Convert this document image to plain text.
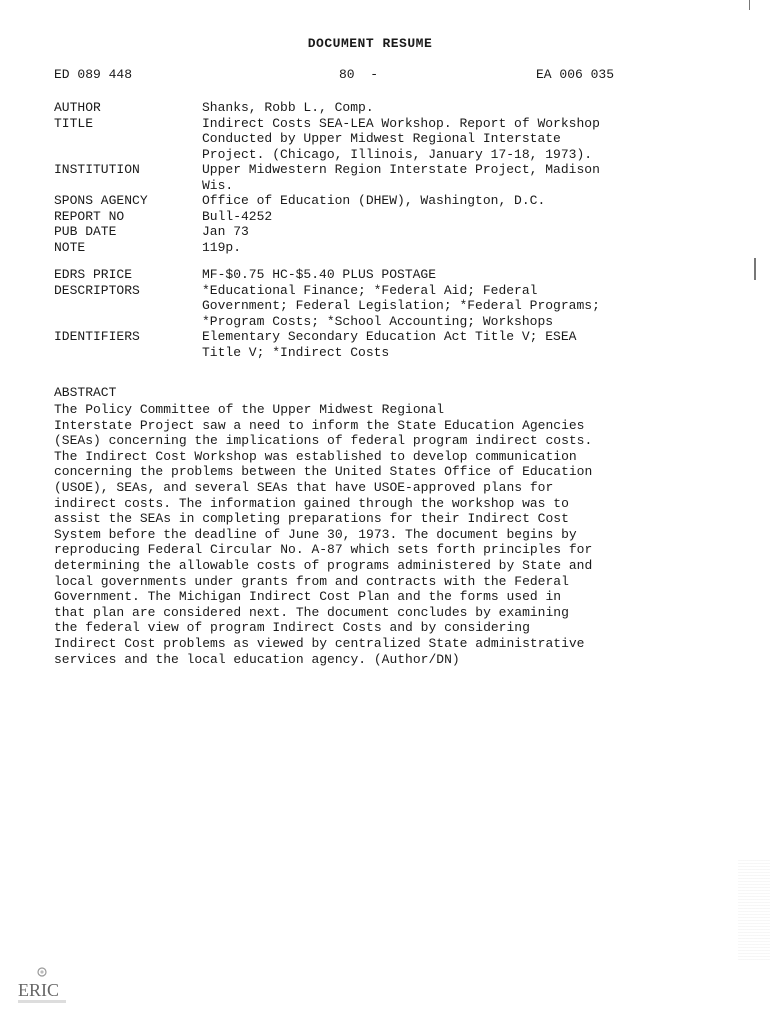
DOCUMENT RESUME
ED 089 448	80 -	EA 006 035
AUTHOR	Shanks, Robb L., Comp.
TITLE	Indirect Costs SEA-LEA Workshop. Report of Workshop
Conducted by Upper Midwest Regional Interstate
Project. (Chicago, Illinois, January 17-18, 1973).
INSTITUTION	Upper Midwestern Region Interstate Project, Madison
Wis.
SPONS AGENCY	Office of Education (DHEW), Washington, D.C.
REPORT NO	Bull-4252
PUB DATE	Jan 73
NOTE	119p.
EDRS PRICE	MF-$0.75 HC-$5.40 PLUS POSTAGE
DESCRIPTORS	*Educational Finance; *Federal Aid; Federal
Government; Federal Legislation; *Federal Programs;
*Program Costs; *School Accounting; Workshops
IDENTIFIERS	Elementary Secondary Education Act Title V; ESEA
Title V; *Indirect Costs
ABSTRACT
The Policy Committee of the Upper Midwest Regional
Interstate Project saw a need to inform the State Education Agencies
(SEAs) concerning the implications of federal program indirect costs.
The Indirect Cost Workshop was established to develop communication
concerning the problems between the United States Office of Education
(USOE), SEAs, and several SEAs that have USOE-approved plans for
indirect costs. The information gained through the workshop was to
assist the SEAs in completing preparations for their Indirect Cost
System before the deadline of June 30, 1973. The document begins by
reproducing Federal Circular No. A-87 which sets forth principles for
determining the allowable costs of programs administered by State and
local governments under grants from and contracts with the Federal
Government. The Michigan Indirect Cost Plan and the forms used in
that plan are considered next. The document concludes by examining
the federal view of program Indirect Costs and by considering
Indirect Cost problems as viewed by centralized State administrative
services and the local education agency. (Author/DN)
ERIC
